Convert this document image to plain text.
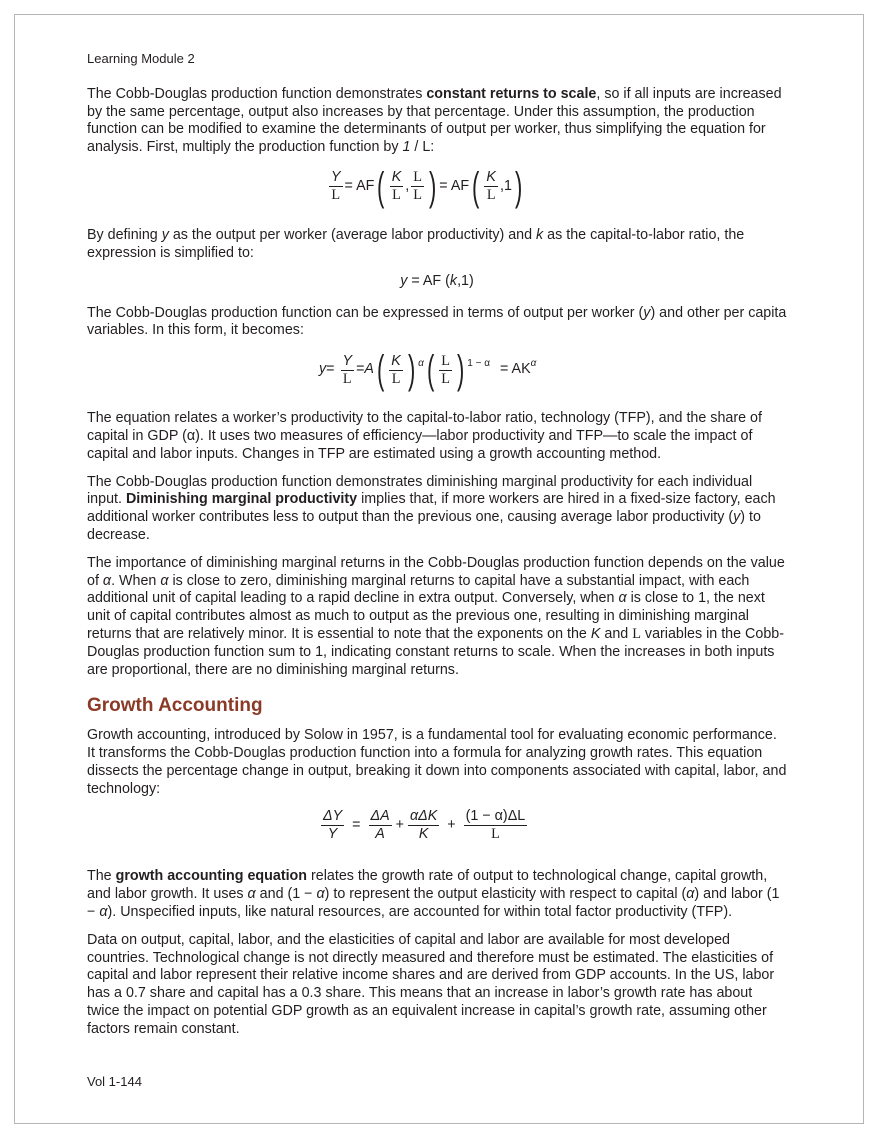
Learning Module 2

The Cobb-Douglas production function demonstrates constant returns to scale, so if all inputs are increased by the same percentage, output also increases by that percentage. Under this assumption, the production function can be modified to examine the determinants of output per worker, thus simplifying the equation for analysis. First, multiply the production function by 1 / L:

$\frac{Y}{L}$ = AF ( $\frac{K}{L}$ , $\frac{L}{L}$ ) = AF ( $\frac{K}{L} ,1$ )

By defining y as the output per worker (average labor productivity) and k as the capital-to-labor ratio, the expression is simplified to:

y = AF (k,1)

The Cobb-Douglas production function can be expressed in terms of output per worker (y) and other per capita variables. In this form, it becomes:

$y = \frac{Y}{L} = A$ ( $\frac{K}{L}$ ) $^\alpha$ ( $\frac{L}{L}$ ) $^{1 - \alpha}$ = AK $^\alpha$

The equation relates a worker’s productivity to the capital-to-labor ratio, technology (TFP), and the share of capital in GDP (α). It uses two measures of efficiency—labor productivity and TFP—to scale the impact of capital and labor inputs. Changes in TFP are estimated using a growth accounting method.

The Cobb-Douglas production function demonstrates diminishing marginal productivity for each individual input. Diminishing marginal productivity implies that, if more workers are hired in a fixed-size factory, each additional worker contributes less to output than the previous one, causing average labor productivity (y) to decrease.

The importance of diminishing marginal returns in the Cobb-Douglas production function depends on the value of α. When α is close to zero, diminishing marginal returns to capital have a substantial impact, with each additional unit of capital leading to a rapid decline in extra output. Conversely, when α is close to 1, the next unit of capital contributes almost as much to output as the previous one, resulting in diminishing marginal returns that are relatively minor. It is essential to note that the exponents on the K and L variables in the Cobb-Douglas production function sum to 1, indicating constant returns to scale. When the increases in both inputs are proportional, there are no diminishing marginal returns.

Growth Accounting

Growth accounting, introduced by Solow in 1957, is a fundamental tool for evaluating economic performance. It transforms the Cobb-Douglas production function into a formula for analyzing growth rates. This equation dissects the percentage change in output, breaking it down into components associated with capital, labor, and technology:

$\frac{\Delta Y}{Y} = \frac{\Delta A}{A} + \frac{\text{αΔK}}{K} + \frac{(1 - \alpha)\Delta L}{L}$

The growth accounting equation relates the growth rate of output to technological change, capital growth, and labor growth. It uses α and (1 − α) to represent the output elasticity with respect to capital (α) and labor (1 − α). Unspecified inputs, like natural resources, are accounted for within total factor productivity (TFP).

Data on output, capital, labor, and the elasticities of capital and labor are available for most developed countries. Technological change is not directly measured and therefore must be estimated. The elasticities of capital and labor represent their relative income shares and are derived from GDP accounts. In the US, labor has a 0.7 share and capital has a 0.3 share. This means that an increase in labor’s growth rate has about twice the impact on potential GDP growth as an equivalent increase in capital’s growth rate, assuming other factors remain constant.

Vol 1-144
